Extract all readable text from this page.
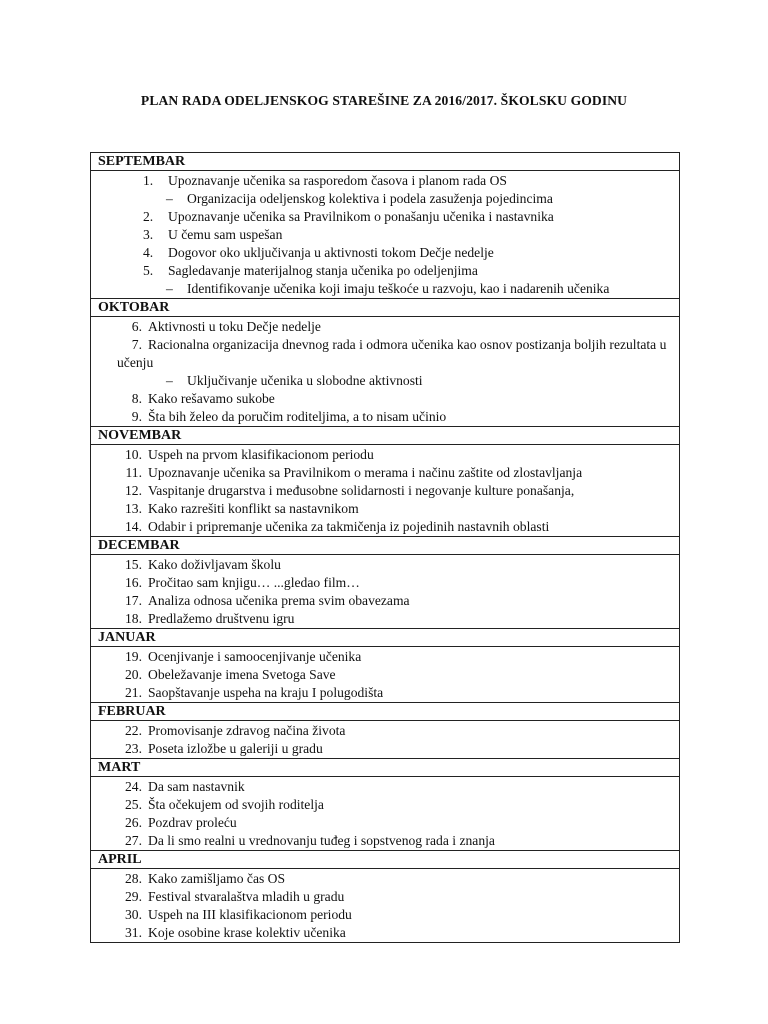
PLAN RADA ODELJENSKOG STAREŠINE ZA 2016/2017. ŠKOLSKU GODINU
SEPTEMBAR
1. Upoznavanje učenika sa rasporedom časova i planom rada OS
– Organizacija odeljenskog kolektiva i podela zasuženja pojedincima
2. Upoznavanje učenika sa Pravilnikom o ponašanju učenika i nastavnika
3. U čemu sam uspešan
4. Dogovor oko uključivanja u aktivnosti tokom Dečje nedelje
5. Sagledavanje materijalnog stanja učenika po odeljenjima
– Identifikovanje učenika koji imaju teškoće u razvoju, kao i nadarenih učenika
OKTOBAR
6. Aktivnosti u toku Dečje nedelje
7. Racionalna organizacija dnevnog rada i odmora učenika kao osnov postizanja boljih rezultata u učenju
– Uključivanje učenika u slobodne aktivnosti
8. Kako rešavamo sukobe
9. Šta bih želeo da poručim roditeljima, a to nisam učinio
NOVEMBAR
10. Uspeh na prvom klasifikacionom periodu
11. Upoznavanje učenika sa Pravilnikom o merama i načinu zaštite od zlostavljanja
12. Vaspitanje drugarstva i međusobne solidarnosti i negovanje kulture ponašanja,
13. Kako razrešiti konflikt sa nastavnikom
14. Odabir i pripremanje učenika za takmičenja iz pojedinih nastavnih oblasti
DECEMBAR
15. Kako doživljavam školu
16. Pročitao sam knjigu… ...gledao film…
17. Analiza odnosa učenika prema svim obavezama
18. Predlažemo društvenu igru
JANUAR
19. Ocenjivanje i samoocenjivanje učenika
20. Obeležavanje imena Svetoga Save
21. Saopštavanje uspeha na kraju I polugodišta
FEBRUAR
22. Promovisanje zdravog načina života
23. Poseta izložbe u galeriji u gradu
MART
24. Da sam nastavnik
25. Šta očekujem od svojih roditelja
26. Pozdrav proleću
27. Da li smo realni u vrednovanju tuđeg i sopstvenog rada i znanja
APRIL
28. Kako zamišljamo čas OS
29. Festival stvaralaštva mladih u gradu
30. Uspeh na III klasifikacionom periodu
31. Koje osobine krase kolektiv učenika
